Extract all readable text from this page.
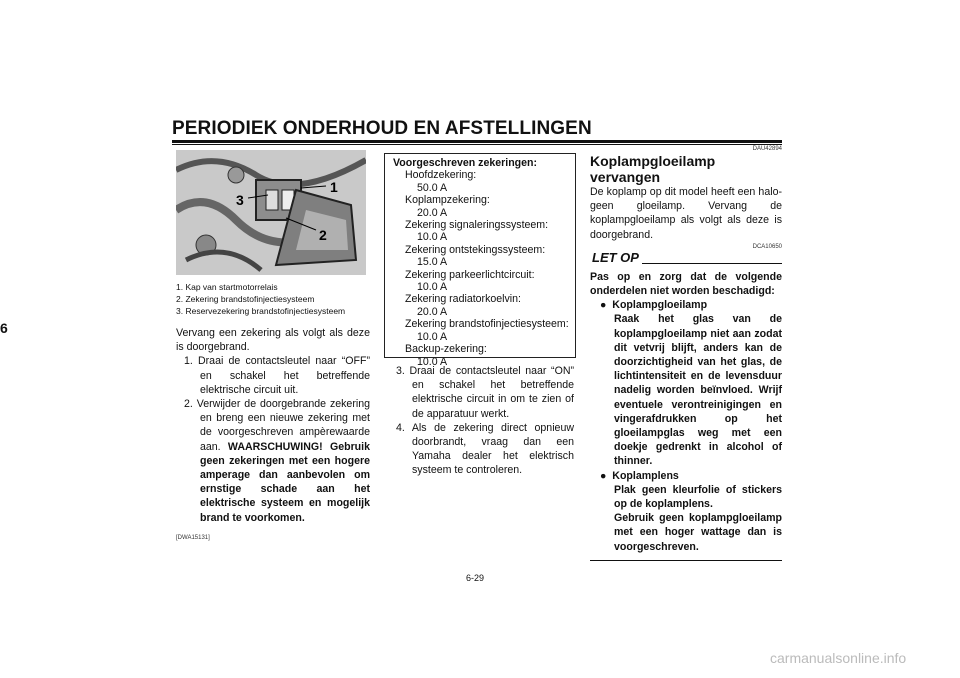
PERIODIEK ONDERHOUD EN AFSTELLINGEN
6
1
2
3
1. Kap van startmotorrelais
2. Zekering brandstofinjectiesysteem
3. Reservezekering brandstofinjectiesysteem
Vervang een zekering als volgt als deze is doorgebrand.
1. Draai de contactsleutel naar “OFF” en schakel het betreffende elektrische circuit uit.
2. Verwijder de doorgebrande zekering en breng een nieuwe zekering met de voorgeschreven ampèrewaarde aan. WAARSCHUWING! Gebruik geen zekeringen met een hogere amperage dan aanbevolen om ernstige schade aan het elektrische systeem en mogelijk brand te voorkomen.
[DWA15131]
Voorgeschreven zekeringen:
Hoofdzekering:
50.0 A
Koplampzekering:
20.0 A
Zekering signaleringssysteem:
10.0 A
Zekering ontstekingssysteem:
15.0 A
Zekering parkeerlichtcircuit:
10.0 A
Zekering radiatorkoelvin:
20.0 A
Zekering brandstofinjectiesysteem:
10.0 A
Backup-zekering:
10.0 A
3. Draai de contactsleutel naar “ON” en schakel het betreffende elektrische circuit in om te zien of de apparatuur werkt.
4. Als de zekering direct opnieuw doorbrandt, vraag dan een Yamaha dealer het elektrisch systeem te controleren.
DAU42894
Koplampgloeilamp vervangen
De koplamp op dit model heeft een halogeen gloeilamp. Vervang de koplampgloeilamp als volgt als deze is doorgebrand.
DCA10650
LET OP
Pas op en zorg dat de volgende onderdelen niet worden beschadigd:
●  Koplampgloeilamp
Raak het glas van de koplampgloeilamp niet aan zodat dit vetvrij blijft, anders kan de doorzichtigheid van het glas, de lichtintensiteit en de levensduur nadelig worden beïnvloed. Wrijf eventuele verontreinigingen en vingerafdrukken op het gloeilampglas weg met een doekje gedrenkt in alcohol of thinner.
●  Koplamplens
Plak geen kleurfolie of stickers op de koplamplens.
Gebruik geen koplampgloeilamp met een hoger wattage dan is voorgeschreven.
6-29
carmanualsonline.info
